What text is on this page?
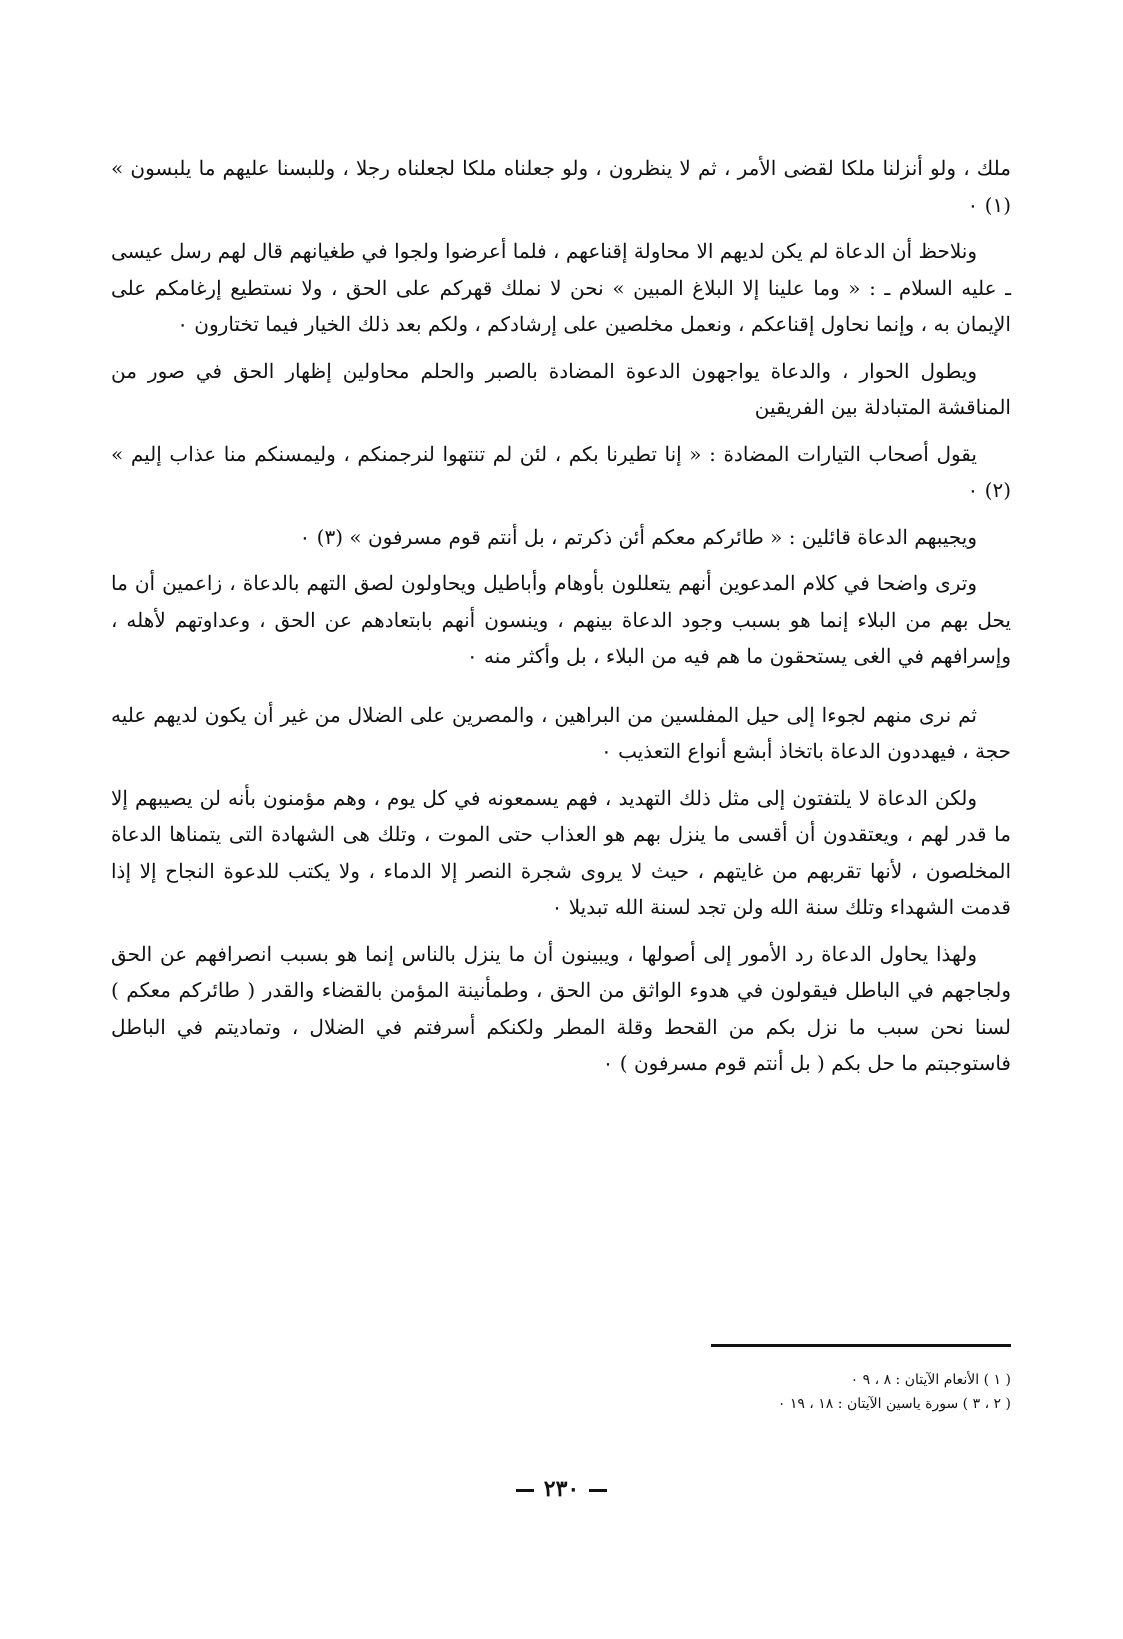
ملك ، ولو أنزلنا ملكا لقضى الأمر ، ثم لا ينظرون ، ولو جعلناه ملكا لجعلناه رجلا ، وللبسنا عليهم ما يلبسون » (١) ٠

ونلاحظ أن الدعاة لم يكن لديهم الا محاولة إقناعهم ، فلما أعرضوا ولجوا في طغيانهم قال لهم رسل عيسى ـ عليه السلام ـ : « وما علينا إلا البلاغ المبين » نحن لا نملك قهركم على الحق ، ولا نستطيع إرغامكم على الإيمان به ، وإنما نحاول إقناعكم ، ونعمل مخلصين على إرشادكم ، ولكم بعد ذلك الخيار فيما تختارون ٠

ويطول الحوار ، والدعاة يواجهون الدعوة المضادة بالصبر والحلم محاولين إظهار الحق في صور من المناقشة المتبادلة بين الفريقين

يقول أصحاب التيارات المضادة : « إنا تطيرنا بكم ، لئن لم تنتهوا لنرجمنكم ، وليمسنكم منا عذاب إليم » (٢) ٠

ويجيبهم الدعاة قائلين : « طائركم معكم أئن ذكرتم ، بل أنتم قوم مسرفون » (٣) ٠

وترى واضحا في كلام المدعوين أنهم يتعللون بأوهام وأباطيل ويحاولون لصق التهم بالدعاة ، زاعمين أن ما يحل بهم من البلاء إنما هو بسبب وجود الدعاة بينهم ، وينسون أنهم بابتعادهم عن الحق ، وعداوتهم لأهله ، وإسرافهم في الغى يستحقون ما هم فيه من البلاء ، بل وأكثر منه ٠

ثم نرى منهم لجوءا إلى حيل المفلسين من البراهين ، والمصرين على الضلال من غير أن يكون لديهم عليه حجة ، فيهددون الدعاة باتخاذ أبشع أنواع التعذيب ٠

ولكن الدعاة لا يلتفتون إلى مثل ذلك التهديد ، فهم يسمعونه في كل يوم ، وهم مؤمنون بأنه لن يصيبهم إلا ما قدر لهم ، ويعتقدون أن أقسى ما ينزل بهم هو العذاب حتى الموت ، وتلك هى الشهادة التى يتمناها الدعاة المخلصون ، لأنها تقربهم من غايتهم ، حيث لا يروى شجرة النصر إلا الدماء ، ولا يكتب للدعوة النجاح إلا إذا قدمت الشهداء وتلك سنة الله ولن تجد لسنة الله تبديلا ٠

ولهذا يحاول الدعاة رد الأمور إلى أصولها ، ويبينون أن ما ينزل بالناس إنما هو بسبب انصرافهم عن الحق ولجاجهم في الباطل فيقولون في هدوء الواثق من الحق ، وطمأنينة المؤمن بالقضاء والقدر ( طائركم معكم ) لسنا نحن سبب ما نزل بكم من القحط وقلة المطر ولكنكم أسرفتم في الضلال ، وتماديتم في الباطل فاستوجبتم ما حل بكم ( بل أنتم قوم مسرفون ) ٠

( ١ ) الأنعام الآيتان : ٨ ، ٩ ٠
( ٢ ، ٣ ) سورة ياسين الآيتان : ١٨ ، ١٩ ٠
٢٣٠
